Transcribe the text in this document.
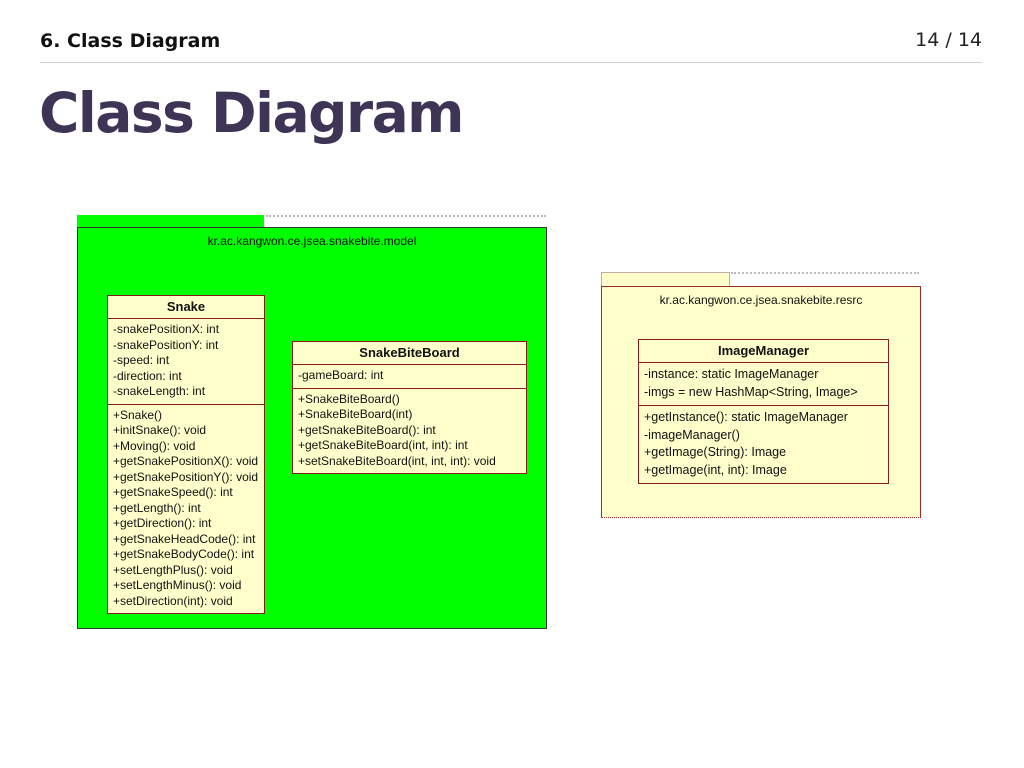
6. Class Diagram	14 / 14
Class Diagram
kr.ac.kangwon.ce.jsea.snakebite.model
kr.ac.kangwon.ce.jsea.snakebite.resrc
Snake
-snakePositionX: int
-snakePositionY: int
-speed: int
-direction: int
-snakeLength: int
+Snake()
+initSnake(): void
+Moving(): void
+getSnakePositionX(): void
+getSnakePositionY(): void
+getSnakeSpeed(): int
+getLength(): int
+getDirection(): int
+getSnakeHeadCode(): int
+getSnakeBodyCode(): int
+setLengthPlus(): void
+setLengthMinus(): void
+setDirection(int): void
SnakeBiteBoard
-gameBoard: int
+SnakeBiteBoard()
+SnakeBiteBoard(int)
+getSnakeBiteBoard(): int
+getSnakeBiteBoard(int, int): int
+setSnakeBiteBoard(int, int, int): void
ImageManager
-instance: static ImageManager
-imgs = new HashMap<String, Image>
+getInstance(): static ImageManager
-imageManager()
+getImage(String): Image
+getImage(int, int): Image
